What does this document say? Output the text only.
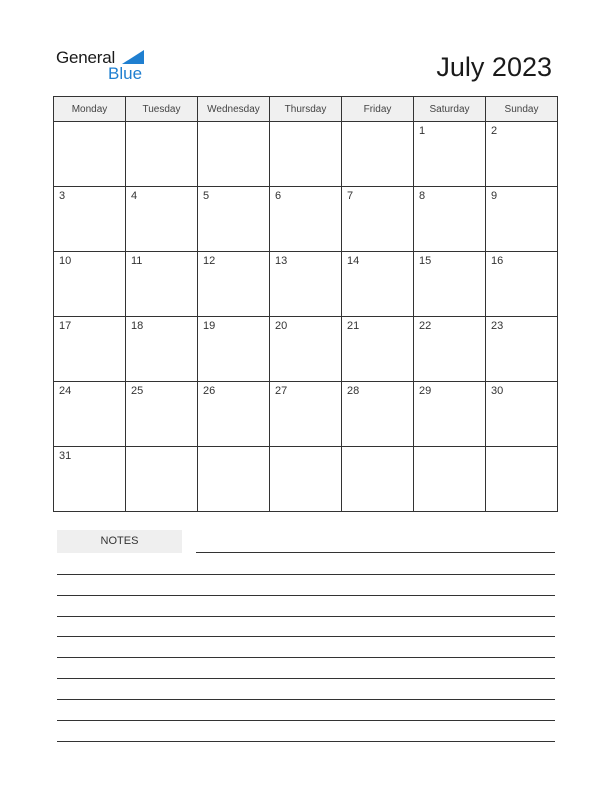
General
Blue	July 2023
Monday	Tuesday	Wednesday	Thursday	Friday	Saturday	Sunday

					1	2

3	4	5	6	7	8	9

10	11	12	13	14	15	16

17	18	19	20	21	22	23

24	25	26	27	28	29	30

31						

NOTES
